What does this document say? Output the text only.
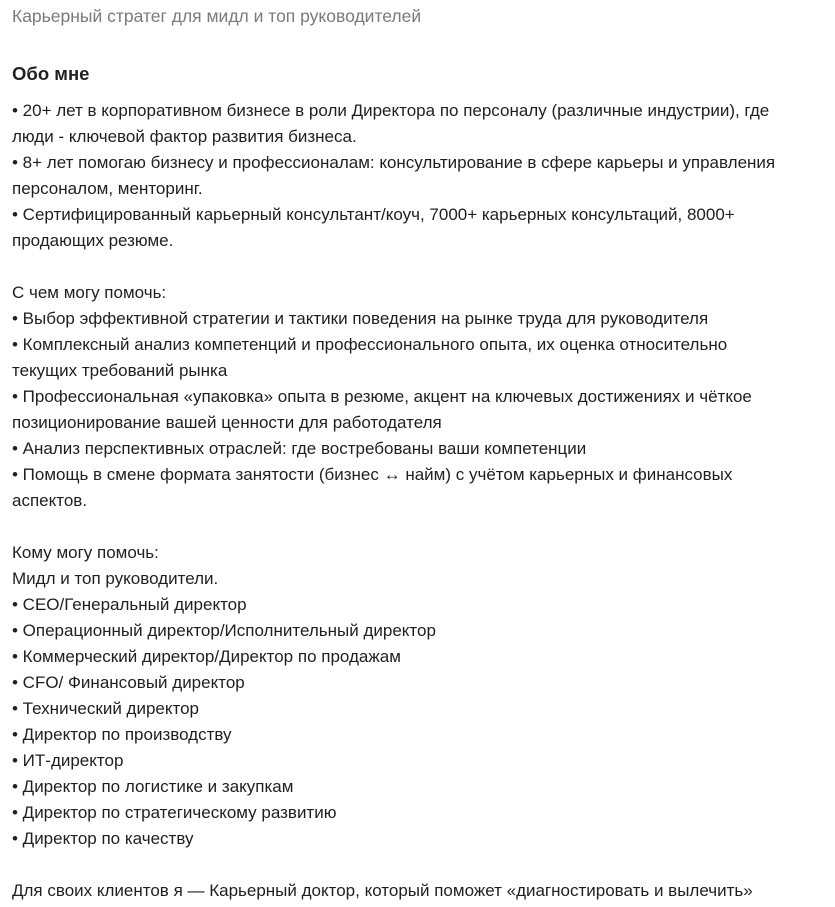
Карьерный стратег для мидл и топ руководителей
Обо мне
• 20+ лет в корпоративном бизнесе в роли Директора по персоналу (различные индустрии), где
люди - ключевой фактор развития бизнеса.
• 8+ лет помогаю бизнесу и профессионалам: консультирование в сфере карьеры и управления
персоналом, менторинг.
• Сертифицированный карьерный консультант/коуч, 7000+ карьерных консультаций, 8000+
продающих резюме.
С чем могу помочь:
• Выбор эффективной стратегии и тактики поведения на рынке труда для руководителя
• Комплексный анализ компетенций и профессионального опыта, их оценка относительно
текущих требований рынка
• Профессиональная «упаковка» опыта в резюме, акцент на ключевых достижениях и чёткое
позиционирование вашей ценности для работодателя
• Анализ перспективных отраслей: где востребованы ваши компетенции
• Помощь в смене формата занятости (бизнес ↔ найм) с учётом карьерных и финансовых
аспектов.
Кому могу помочь:
Мидл и топ руководители.
• CEO/Генеральный директор
• Операционный директор/Исполнительный директор
• Коммерческий директор/Директор по продажам
• CFO/ Финансовый директор
• Технический директор
• Директор по производству
• ИТ-директор
• Директор по логистике и закупкам
• Директор по стратегическому развитию
• Директор по качеству
Для своих клиентов я — Карьерный доктор, который поможет «диагностировать и вылечить»
